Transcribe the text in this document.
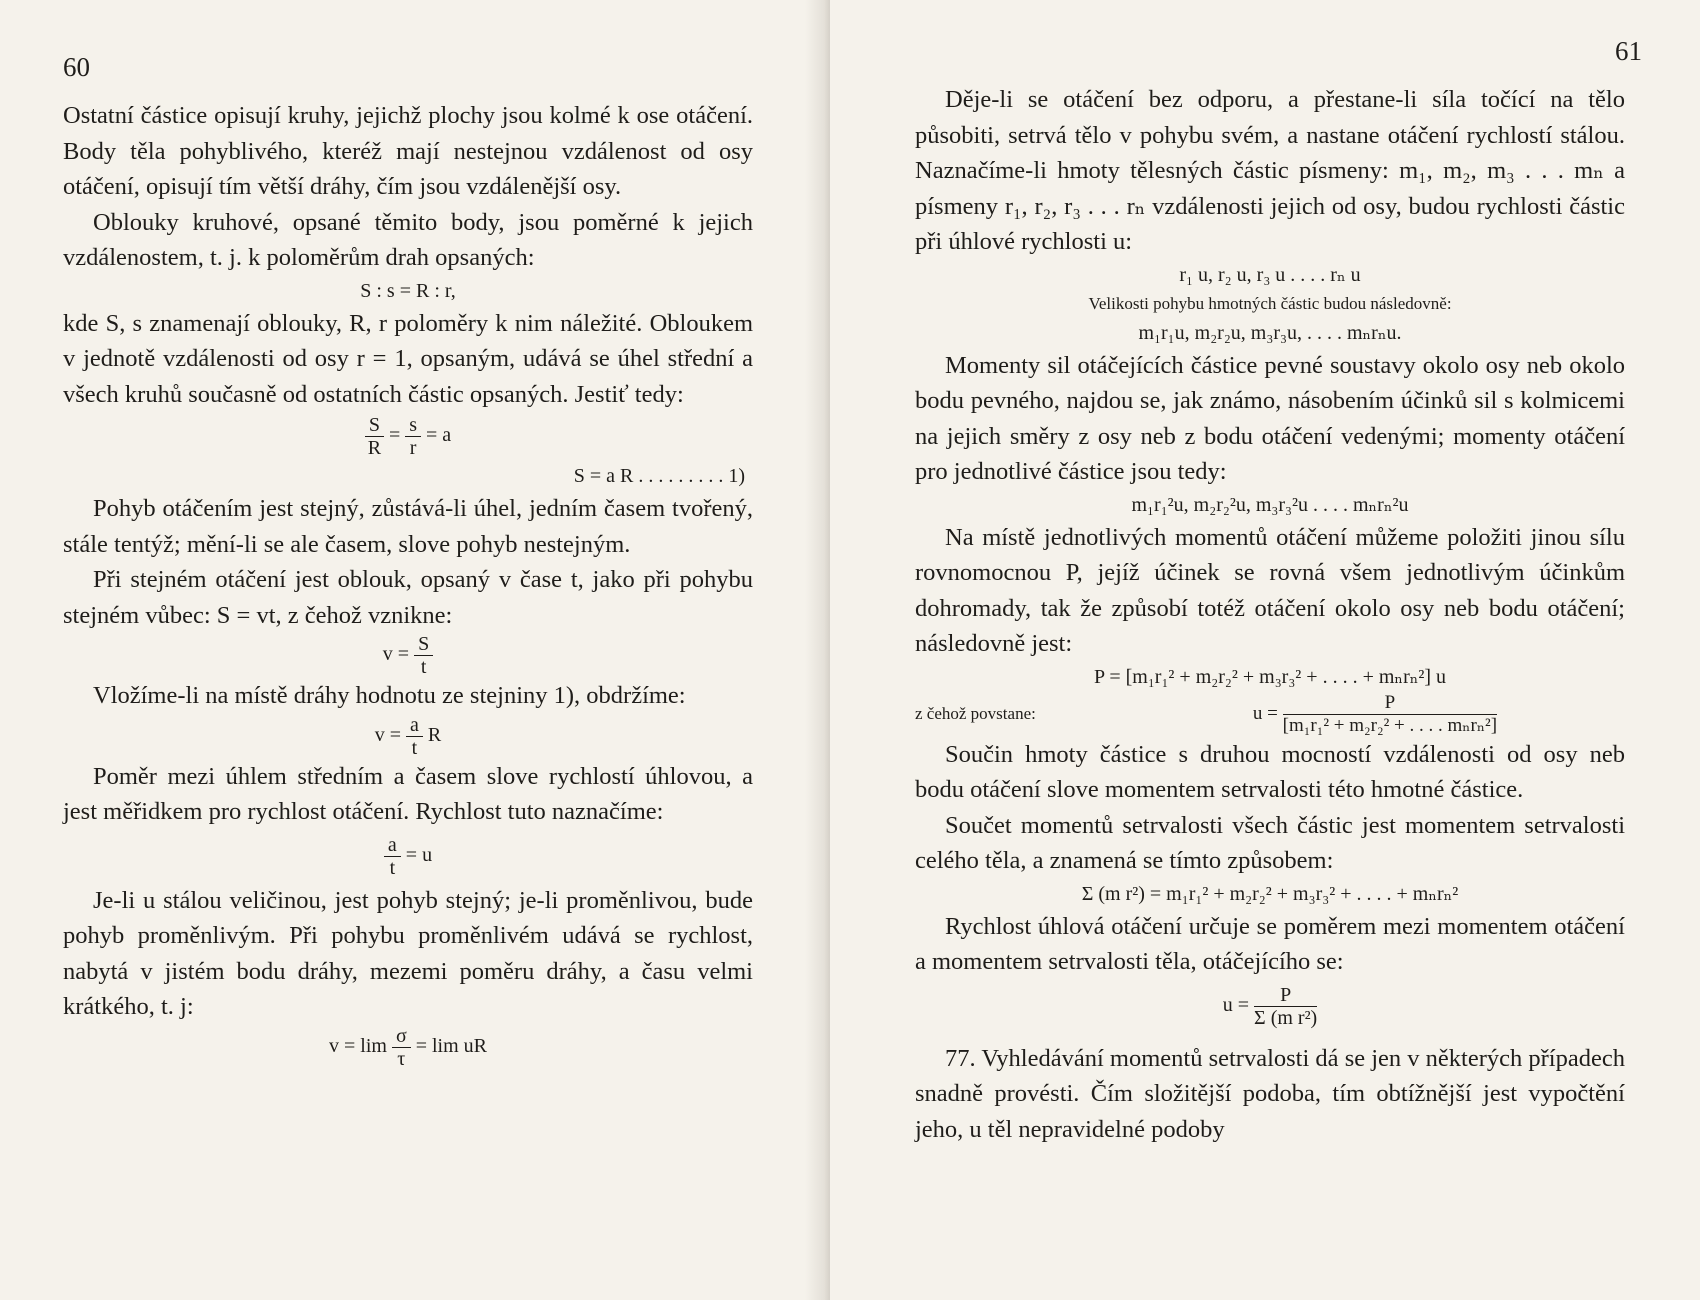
60

Ostatní částice opisují kruhy, jejichž plochy jsou kolmé k ose otáčení. Body těla pohyblivého, kteréž mají nestejnou vzdálenost od osy otáčení, opisují tím větší dráhy, čím jsou vzdálenější osy.

Oblouky kruhové, opsané těmito body, jsou poměrné k jejich vzdálenostem, t. j. k poloměrům drah opsaných:

S : s = R : r,

kde S, s znamenají oblouky, R, r poloměry k nim náležité. Obloukem v jednotě vzdálenosti od osy r = 1, opsaným, udává se úhel střední a všech kruhů současně od ostatních částic opsaných. Jestiť tedy:

$\frac{S}{R} = \frac{s}{r} = a$
S = a R . . . . . . . . . 1)

Pohyb otáčením jest stejný, zůstává-li úhel, jedním časem tvořený, stále tentýž; mění-li se ale časem, slove pohyb nestejným.

Při stejném otáčení jest oblouk, opsaný v čase t, jako při pohybu stejném vůbec: S = vt, z čehož vznikne:

$v = \frac{S}{t}$

Vložíme-li na místě dráhy hodnotu ze stejniny 1), obdržíme:

$v = \frac{a}{t}$ R

Poměr mezi úhlem středním a časem slove rychlostí úhlovou, a jest měřidkem pro rychlost otáčení. Rychlost tuto naznačíme:

$\frac{a}{t} = u$

Je-li u stálou veličinou, jest pohyb stejný; je-li proměnlivou, bude pohyb proměnlivým. Při pohybu proměnlivém udává se rychlost, nabytá v jistém bodu dráhy, mezemi poměru dráhy, a času velmi krátkého, t. j:

$v = \lim \frac{\sigma}{\tau} = \lim$ uR
61

Děje-li se otáčení bez odporu, a přestane-li síla točící na tělo působiti, setrvá tělo v pohybu svém, a nastane otáčení rychlostí stálou. Naznačíme-li hmoty tělesných částic písmeny: m₁, m₂, m₃ . . . mₙ a písmeny r₁, r₂, r₃ . . . rₙ vzdálenosti jejich od osy, budou rychlosti částic při úhlové rychlosti u:

r₁ u, r₂ u, r₃ u . . . . rₙ u
Velikosti pohybu hmotných částic budou následovně:
m₁r₁u, m₂r₂u, m₃r₃u, . . . . mₙrₙu.

Momenty sil otáčejících částice pevné soustavy okolo osy neb okolo bodu pevného, najdou se, jak známo, násobením účinků sil s kolmicemi na jejich směry z osy neb z bodu otáčení vedenými; momenty otáčení pro jednotlivé částice jsou tedy:

m₁r₁²u, m₂r₂²u, m₃r₃²u . . . . mₙrₙ²u

Na místě jednotlivých momentů otáčení můžeme položiti jinou sílu rovnomocnou P, jejíž účinek se rovná všem jednotlivým účinkům dohromady, tak že způsobí totéž otáčení okolo osy neb bodu otáčení; následovně jest:

P = [m₁r₁² + m₂r₂² + m₃r₃² + . . . . + mₙrₙ²] u
z čehož povstane:	$u = \frac{P}{\text{[m₁r₁² + m₂r₂² + . . . . mₙrₙ²]}}$

Součin hmoty částice s druhou mocností vzdálenosti od osy neb bodu otáčení slove momentem setrvalosti této hmotné částice.

Součet momentů setrvalosti všech částic jest momentem setrvalosti celého těla, a znamená se tímto způsobem:

Σ (m r²) = m₁r₁² + m₂r₂² + m₃r₃² + . . . . + mₙrₙ²

Rychlost úhlová otáčení určuje se poměrem mezi momentem otáčení a momentem setrvalosti těla, otáčejícího se:

$u = \frac{P}{\text{Σ (m r²)}}$

77. Vyhledávání momentů setrvalosti dá se jen v některých případech snadně provésti. Čím složitější podoba, tím obtížnější jest vypočtění jeho, u těl nepravidelné podoby
